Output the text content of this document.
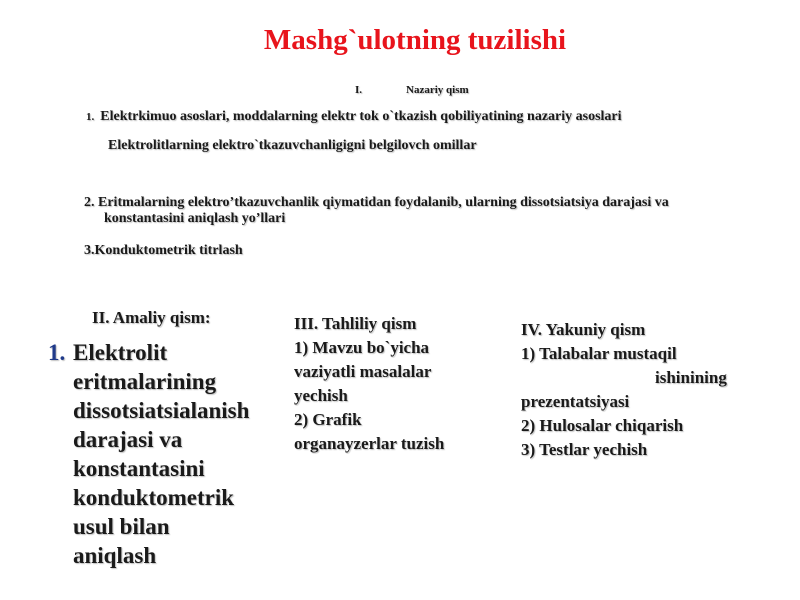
Mashg`ulotning tuzilishi
I.	Nazariy qism
1. Elektrkimuo asoslari, moddalarning elektr tok o`tkazish qobiliyatining nazariy asoslari
Elektrolitlarning elektro`tkazuvchanligigni belgilovch omillar
2. Eritmalarning elektro’tkazuvchanlik qiymatidan foydalanib, ularning dissotsiatsiya darajasi va
konstantasini aniqlash yo’llari
3.Konduktometrik titrlash
II. Amaliy qism:
1. Elektrolit
eritmalarining
dissotsiatsialanish
darajasi va
konstantasini
konduktometrik
usul bilan
aniqlash
III. Tahliliy qism
1) Mavzu bo`yicha
vaziyatli masalalar
yechish
2) Grafik
organayzerlar tuzish
IV. Yakuniy qism
1) Talabalar mustaqil
ishinining
prezentatsiyasi
2) Hulosalar chiqarish
3) Testlar yechish
